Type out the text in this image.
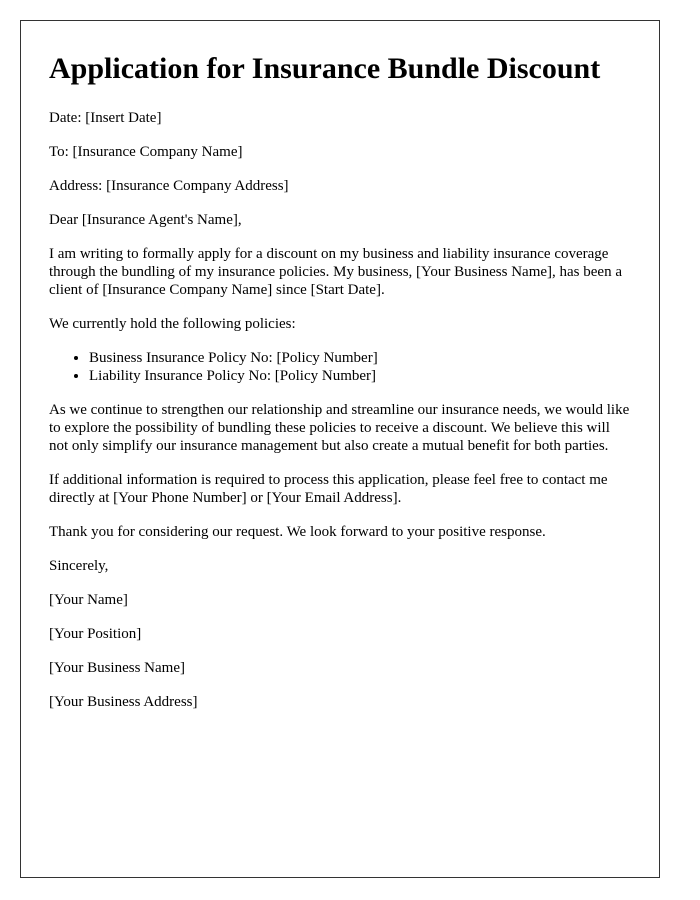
Application for Insurance Bundle Discount

Date: [Insert Date]

To: [Insurance Company Name]

Address: [Insurance Company Address]

Dear [Insurance Agent's Name],

I am writing to formally apply for a discount on my business and liability insurance coverage through the bundling of my insurance policies. My business, [Your Business Name], has been a client of [Insurance Company Name] since [Start Date].

We currently hold the following policies:

• Business Insurance Policy No: [Policy Number]
• Liability Insurance Policy No: [Policy Number]

As we continue to strengthen our relationship and streamline our insurance needs, we would like to explore the possibility of bundling these policies to receive a discount. We believe this will not only simplify our insurance management but also create a mutual benefit for both parties.

If additional information is required to process this application, please feel free to contact me directly at [Your Phone Number] or [Your Email Address].

Thank you for considering our request. We look forward to your positive response.

Sincerely,

[Your Name]

[Your Position]

[Your Business Name]

[Your Business Address]
